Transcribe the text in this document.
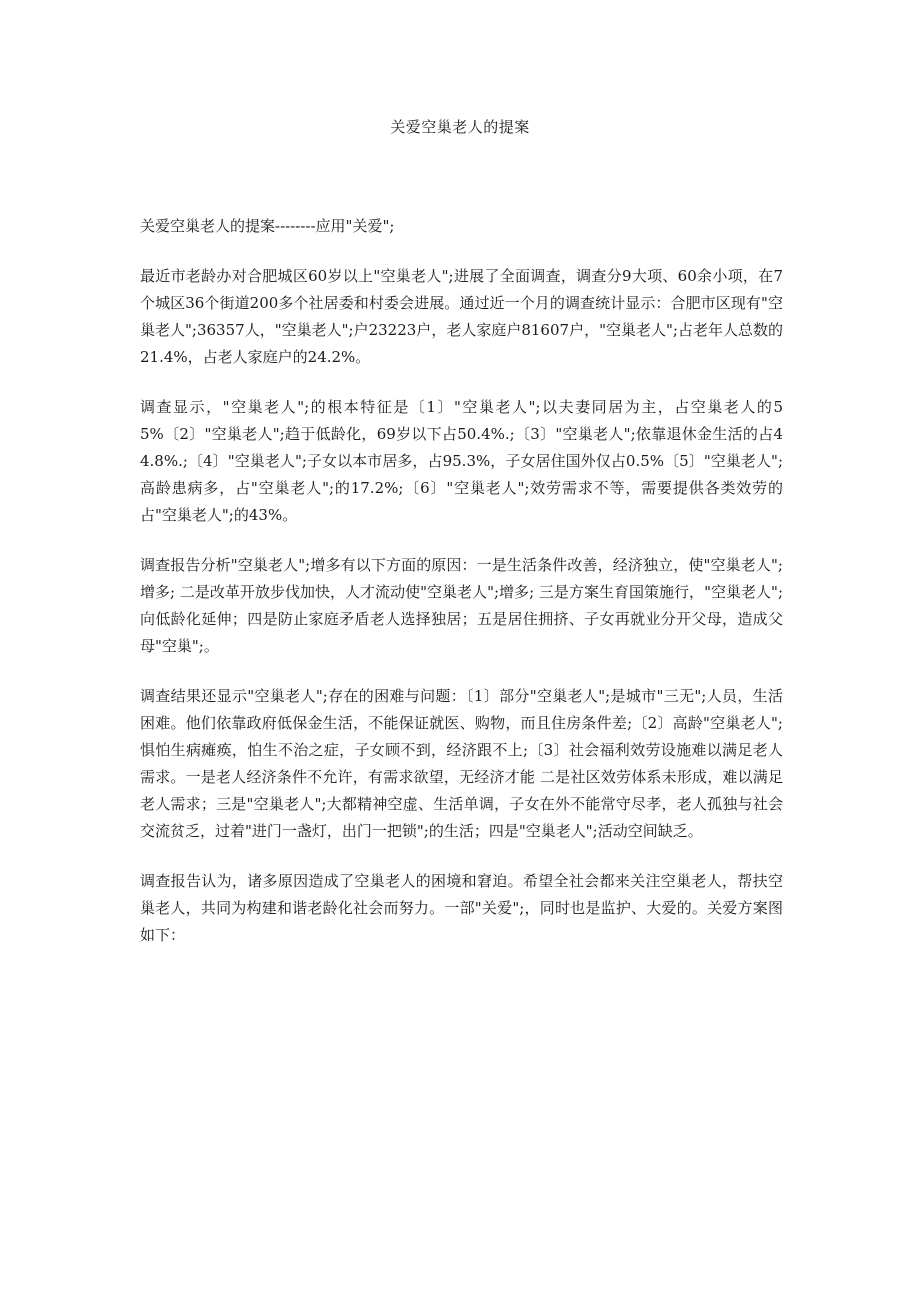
关爱空巢老人的提案

关爱空巢老人的提案--------应用"关爱";

最近市老龄办对合肥城区60岁以上"空巢老人";进展了全面调查，调查分9大项、60余小项，在7个城区36个街道200多个社居委和村委会进展。通过近一个月的调查统计显示：合肥市区现有"空巢老人";36357人，"空巢老人";户23223户，老人家庭户81607户，"空巢老人";占老年人总数的21.4%，占老人家庭户的24.2%。

调查显示，"空巢老人";的根本特征是〔1〕"空巢老人";以夫妻同居为主，占空巢老人的55%〔2〕"空巢老人";趋于低龄化，69岁以下占50.4%.;〔3〕"空巢老人";依靠退休金生活的占44.8%.;〔4〕"空巢老人";子女以本市居多，占95.3%，子女居住国外仅占0.5%〔5〕"空巢老人";高龄患病多，占"空巢老人";的17.2%;〔6〕"空巢老人";效劳需求不等，需要提供各类效劳的占"空巢老人";的43%。

调查报告分析"空巢老人";增多有以下方面的原因：一是生活条件改善，经济独立，使"空巢老人";增多; 二是改革开放步伐加快，人才流动使"空巢老人";增多; 三是方案生育国策施行，"空巢老人";向低龄化延伸；四是防止家庭矛盾老人选择独居；五是居住拥挤、子女再就业分开父母，造成父母"空巢";。

调查结果还显示"空巢老人";存在的困难与问题：〔1〕部分"空巢老人";是城市"三无";人员，生活困难。他们依靠政府低保金生活，不能保证就医、购物，而且住房条件差;〔2〕高龄"空巢老人";惧怕生病瘫痪，怕生不治之症，子女顾不到，经济跟不上;〔3〕社会福利效劳设施难以满足老人需求。一是老人经济条件不允许，有需求欲望，无经济才能 二是社区效劳体系未形成，难以满足老人需求；三是"空巢老人";大都精神空虚、生活单调，子女在外不能常守尽孝，老人孤独与社会交流贫乏，过着"进门一盏灯，出门一把锁";的生活；四是"空巢老人";活动空间缺乏。

调查报告认为，诸多原因造成了空巢老人的困境和窘迫。希望全社会都来关注空巢老人，帮扶空巢老人，共同为构建和谐老龄化社会而努力。一部"关爱";，同时也是监护、大爱的。关爱方案图如下：
